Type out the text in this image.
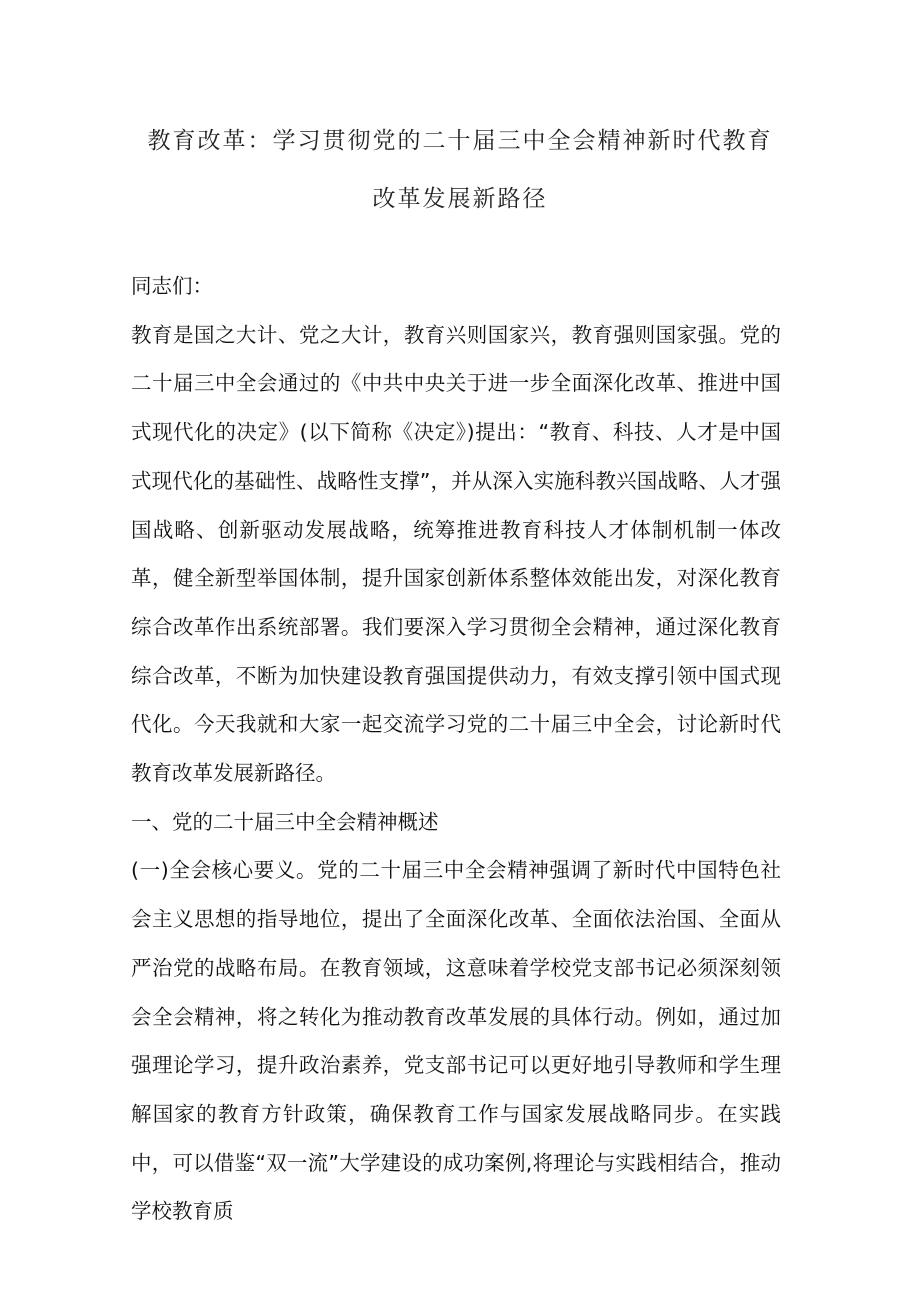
教育改革：学习贯彻党的二十届三中全会精神新时代教育
改革发展新路径

同志们：

教育是国之大计、党之大计，教育兴则国家兴，教育强则国家强。党的二十届三中全会通过的《中共中央关于进一步全面深化改革、推进中国式现代化的决定》(以下简称《决定》)提出：“教育、科技、人才是中国式现代化的基础性、战略性支撑”，并从深入实施科教兴国战略、人才强国战略、创新驱动发展战略，统筹推进教育科技人才体制机制一体改革，健全新型举国体制，提升国家创新体系整体效能出发，对深化教育综合改革作出系统部署。我们要深入学习贯彻全会精神，通过深化教育综合改革，不断为加快建设教育强国提供动力，有效支撑引领中国式现代化。今天我就和大家一起交流学习党的二十届三中全会，讨论新时代教育改革发展新路径。

一、党的二十届三中全会精神概述

(一)全会核心要义。党的二十届三中全会精神强调了新时代中国特色社会主义思想的指导地位，提出了全面深化改革、全面依法治国、全面从严治党的战略布局。在教育领域，这意味着学校党支部书记必须深刻领会全会精神，将之转化为推动教育改革发展的具体行动。例如，通过加强理论学习，提升政治素养，党支部书记可以更好地引导教师和学生理解国家的教育方针政策，确保教育工作与国家发展战略同步。在实践中，可以借鉴“双一流”大学建设的成功案例,将理论与实践相结合，推动学校教育质
